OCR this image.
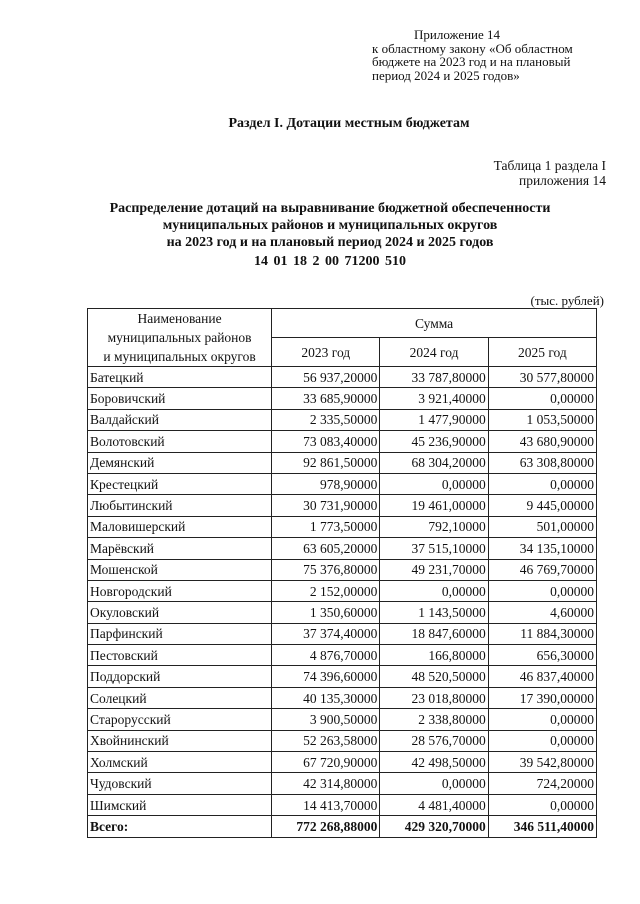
Приложение 14
к областному закону «Об областном
бюджете на 2023 год и на плановый
период 2024 и 2025 годов»
Раздел I. Дотации местным бюджетам
Таблица 1 раздела I
приложения 14
Распределение дотаций на выравнивание бюджетной обеспеченности
муниципальных районов и муниципальных округов
на 2023 год и на плановый период 2024 и 2025 годов
14 01 18 2 00 71200 510
(тыс. рублей)
Наименование
муниципальных районов
и муниципальных округов	Сумма		
	2023 год	2024 год	2025 год
Батецкий	56 937,20000	33 787,80000	30 577,80000
Боровичский	33 685,90000	3 921,40000	0,00000
Валдайский	2 335,50000	1 477,90000	1 053,50000
Волотовский	73 083,40000	45 236,90000	43 680,90000
Демянский	92 861,50000	68 304,20000	63 308,80000
Крестецкий	978,90000	0,00000	0,00000
Любытинский	30 731,90000	19 461,00000	9 445,00000
Маловишерский	1 773,50000	792,10000	501,00000
Марёвский	63 605,20000	37 515,10000	34 135,10000
Мошенской	75 376,80000	49 231,70000	46 769,70000
Новгородский	2 152,00000	0,00000	0,00000
Окуловский	1 350,60000	1 143,50000	4,60000
Парфинский	37 374,40000	18 847,60000	11 884,30000
Пестовский	4 876,70000	166,80000	656,30000
Поддорский	74 396,60000	48 520,50000	46 837,40000
Солецкий	40 135,30000	23 018,80000	17 390,00000
Старорусский	3 900,50000	2 338,80000	0,00000
Хвойнинский	52 263,58000	28 576,70000	0,00000
Холмский	67 720,90000	42 498,50000	39 542,80000
Чудовский	42 314,80000	0,00000	724,20000
Шимский	14 413,70000	4 481,40000	0,00000
Всего:	772 268,88000	429 320,70000	346 511,40000
